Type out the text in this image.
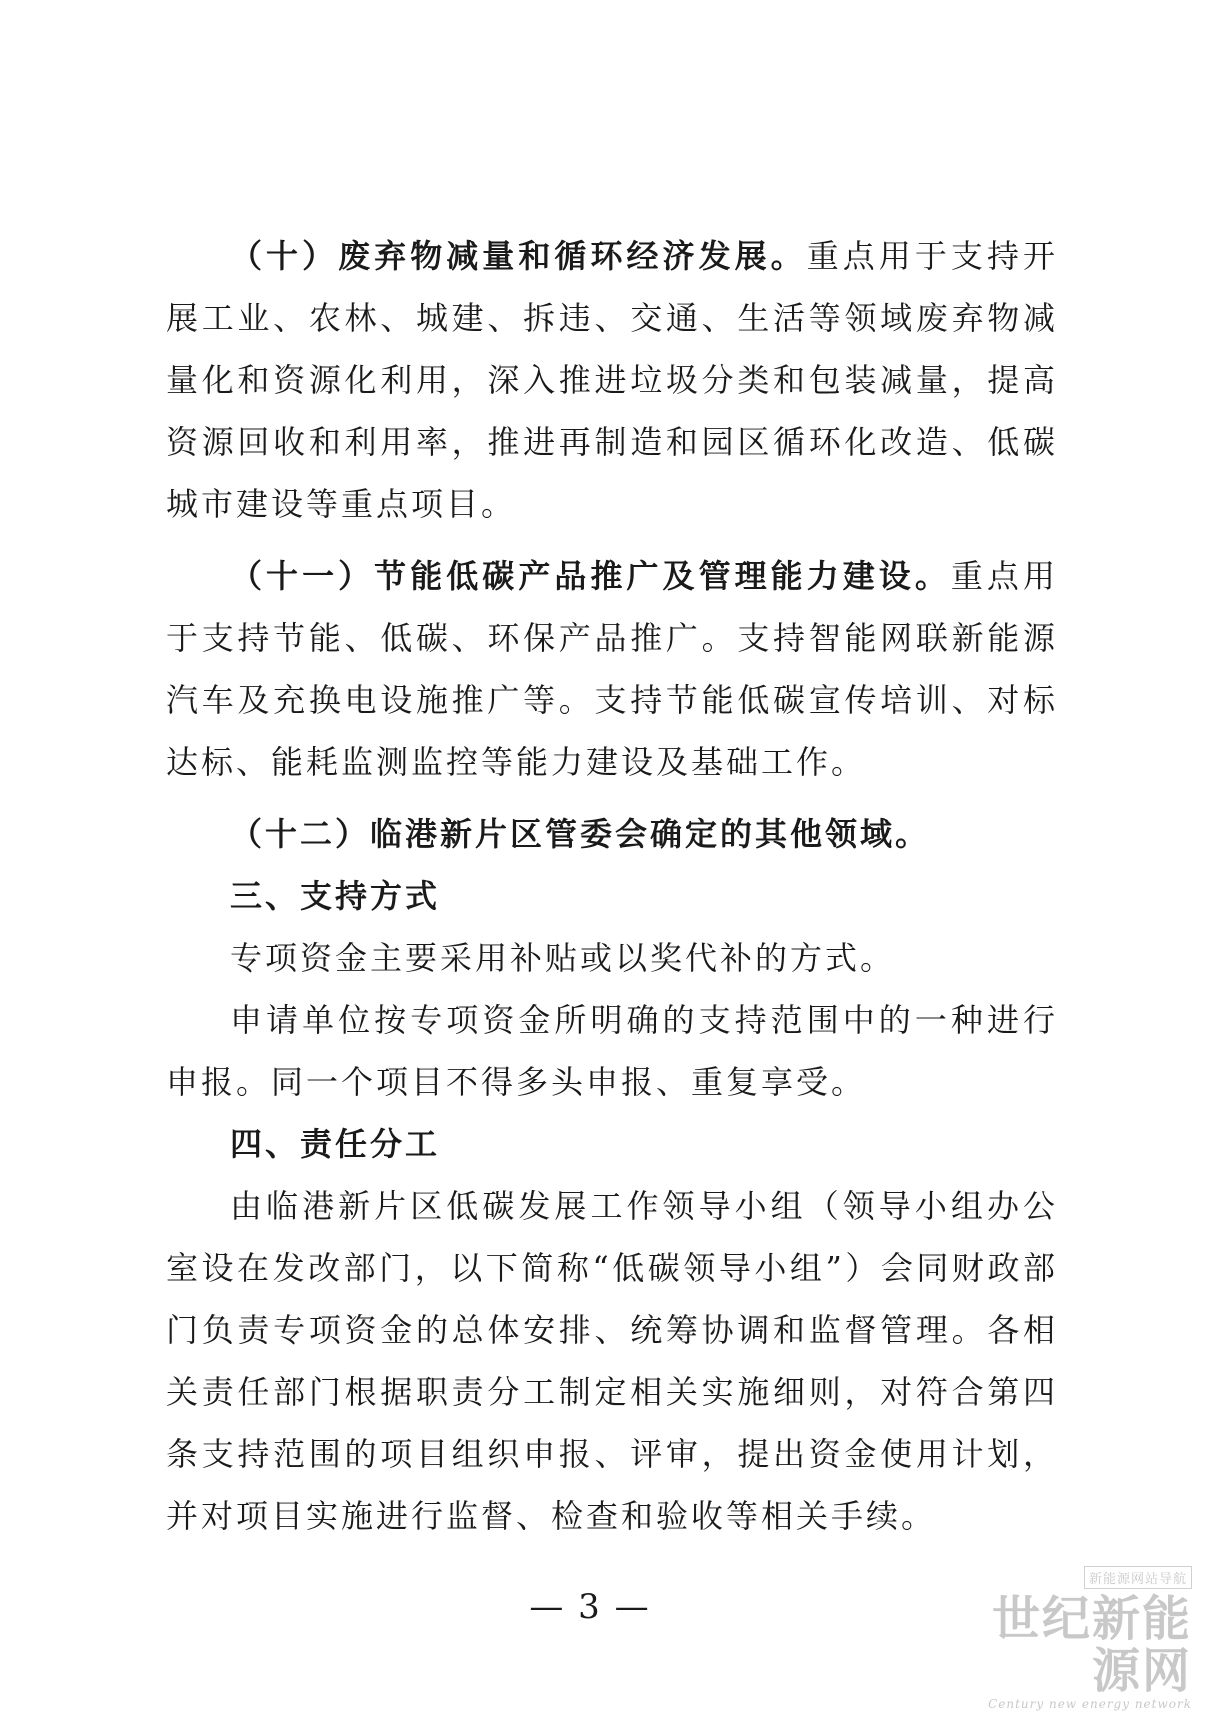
（十）废弃物减量和循环经济发展。重点用于支持开展工业、农林、城建、拆违、交通、生活等领域废弃物减量化和资源化利用，深入推进垃圾分类和包装减量，提高资源回收和利用率，推进再制造和园区循环化改造、低碳城市建设等重点项目。

（十一）节能低碳产品推广及管理能力建设。重点用于支持节能、低碳、环保产品推广。支持智能网联新能源汽车及充换电设施推广等。支持节能低碳宣传培训、对标达标、能耗监测监控等能力建设及基础工作。

（十二）临港新片区管委会确定的其他领域。

三、支持方式

专项资金主要采用补贴或以奖代补的方式。

申请单位按专项资金所明确的支持范围中的一种进行申报。同一个项目不得多头申报、重复享受。

四、责任分工

由临港新片区低碳发展工作领导小组（领导小组办公室设在发改部门，以下简称“低碳领导小组”）会同财政部门负责专项资金的总体安排、统筹协调和监督管理。各相关责任部门根据职责分工制定相关实施细则，对符合第四条支持范围的项目组织申报、评审，提出资金使用计划，并对项目实施进行监督、检查和验收等相关手续。

— 3 —
新能源网站导航
世纪新能源网
Century new energy network
